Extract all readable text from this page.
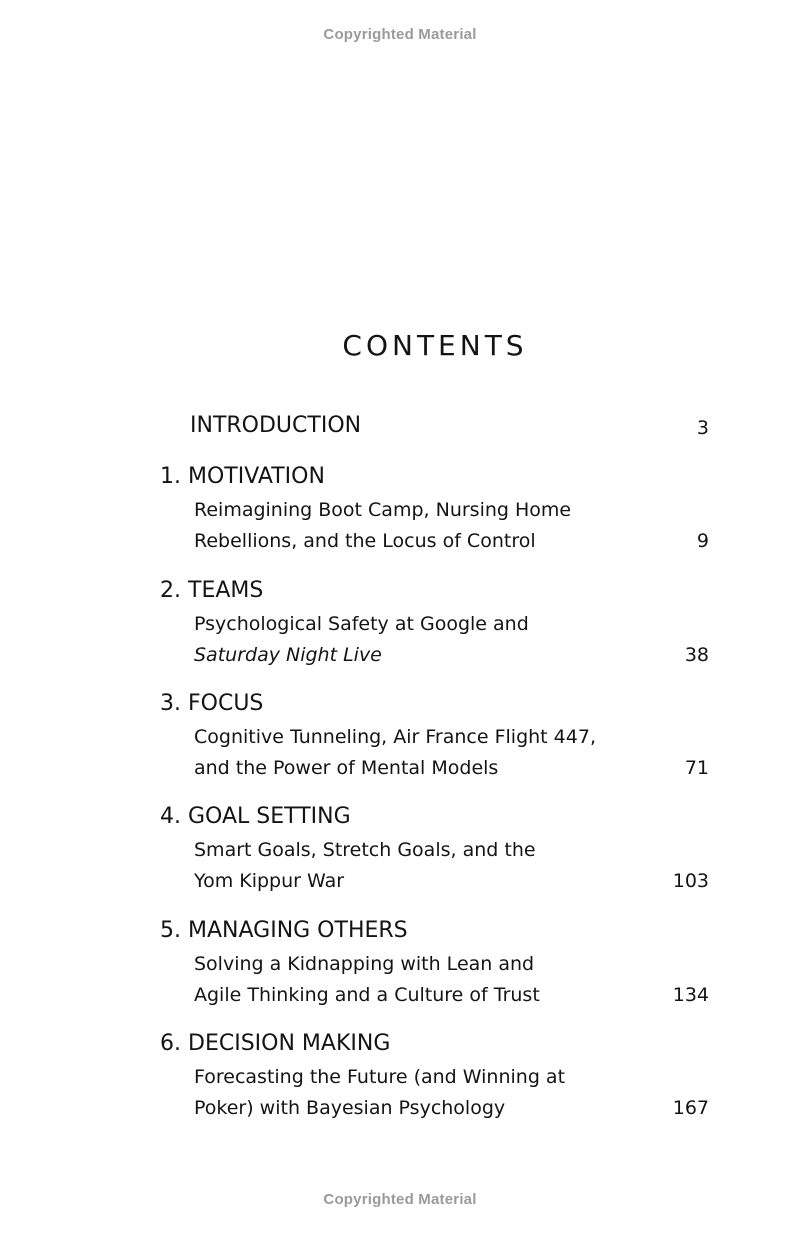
Copyrighted Material
CONTENTS
INTRODUCTION	3
1. MOTIVATION
Reimagining Boot Camp, Nursing Home
Rebellions, and the Locus of Control	9
2. TEAMS
Psychological Safety at Google and
Saturday Night Live	38
3. FOCUS
Cognitive Tunneling, Air France Flight 447,
and the Power of Mental Models	71
4. GOAL SETTING
Smart Goals, Stretch Goals, and the
Yom Kippur War	103
5. MANAGING OTHERS
Solving a Kidnapping with Lean and
Agile Thinking and a Culture of Trust	134
6. DECISION MAKING
Forecasting the Future (and Winning at
Poker) with Bayesian Psychology	167
Copyrighted Material
